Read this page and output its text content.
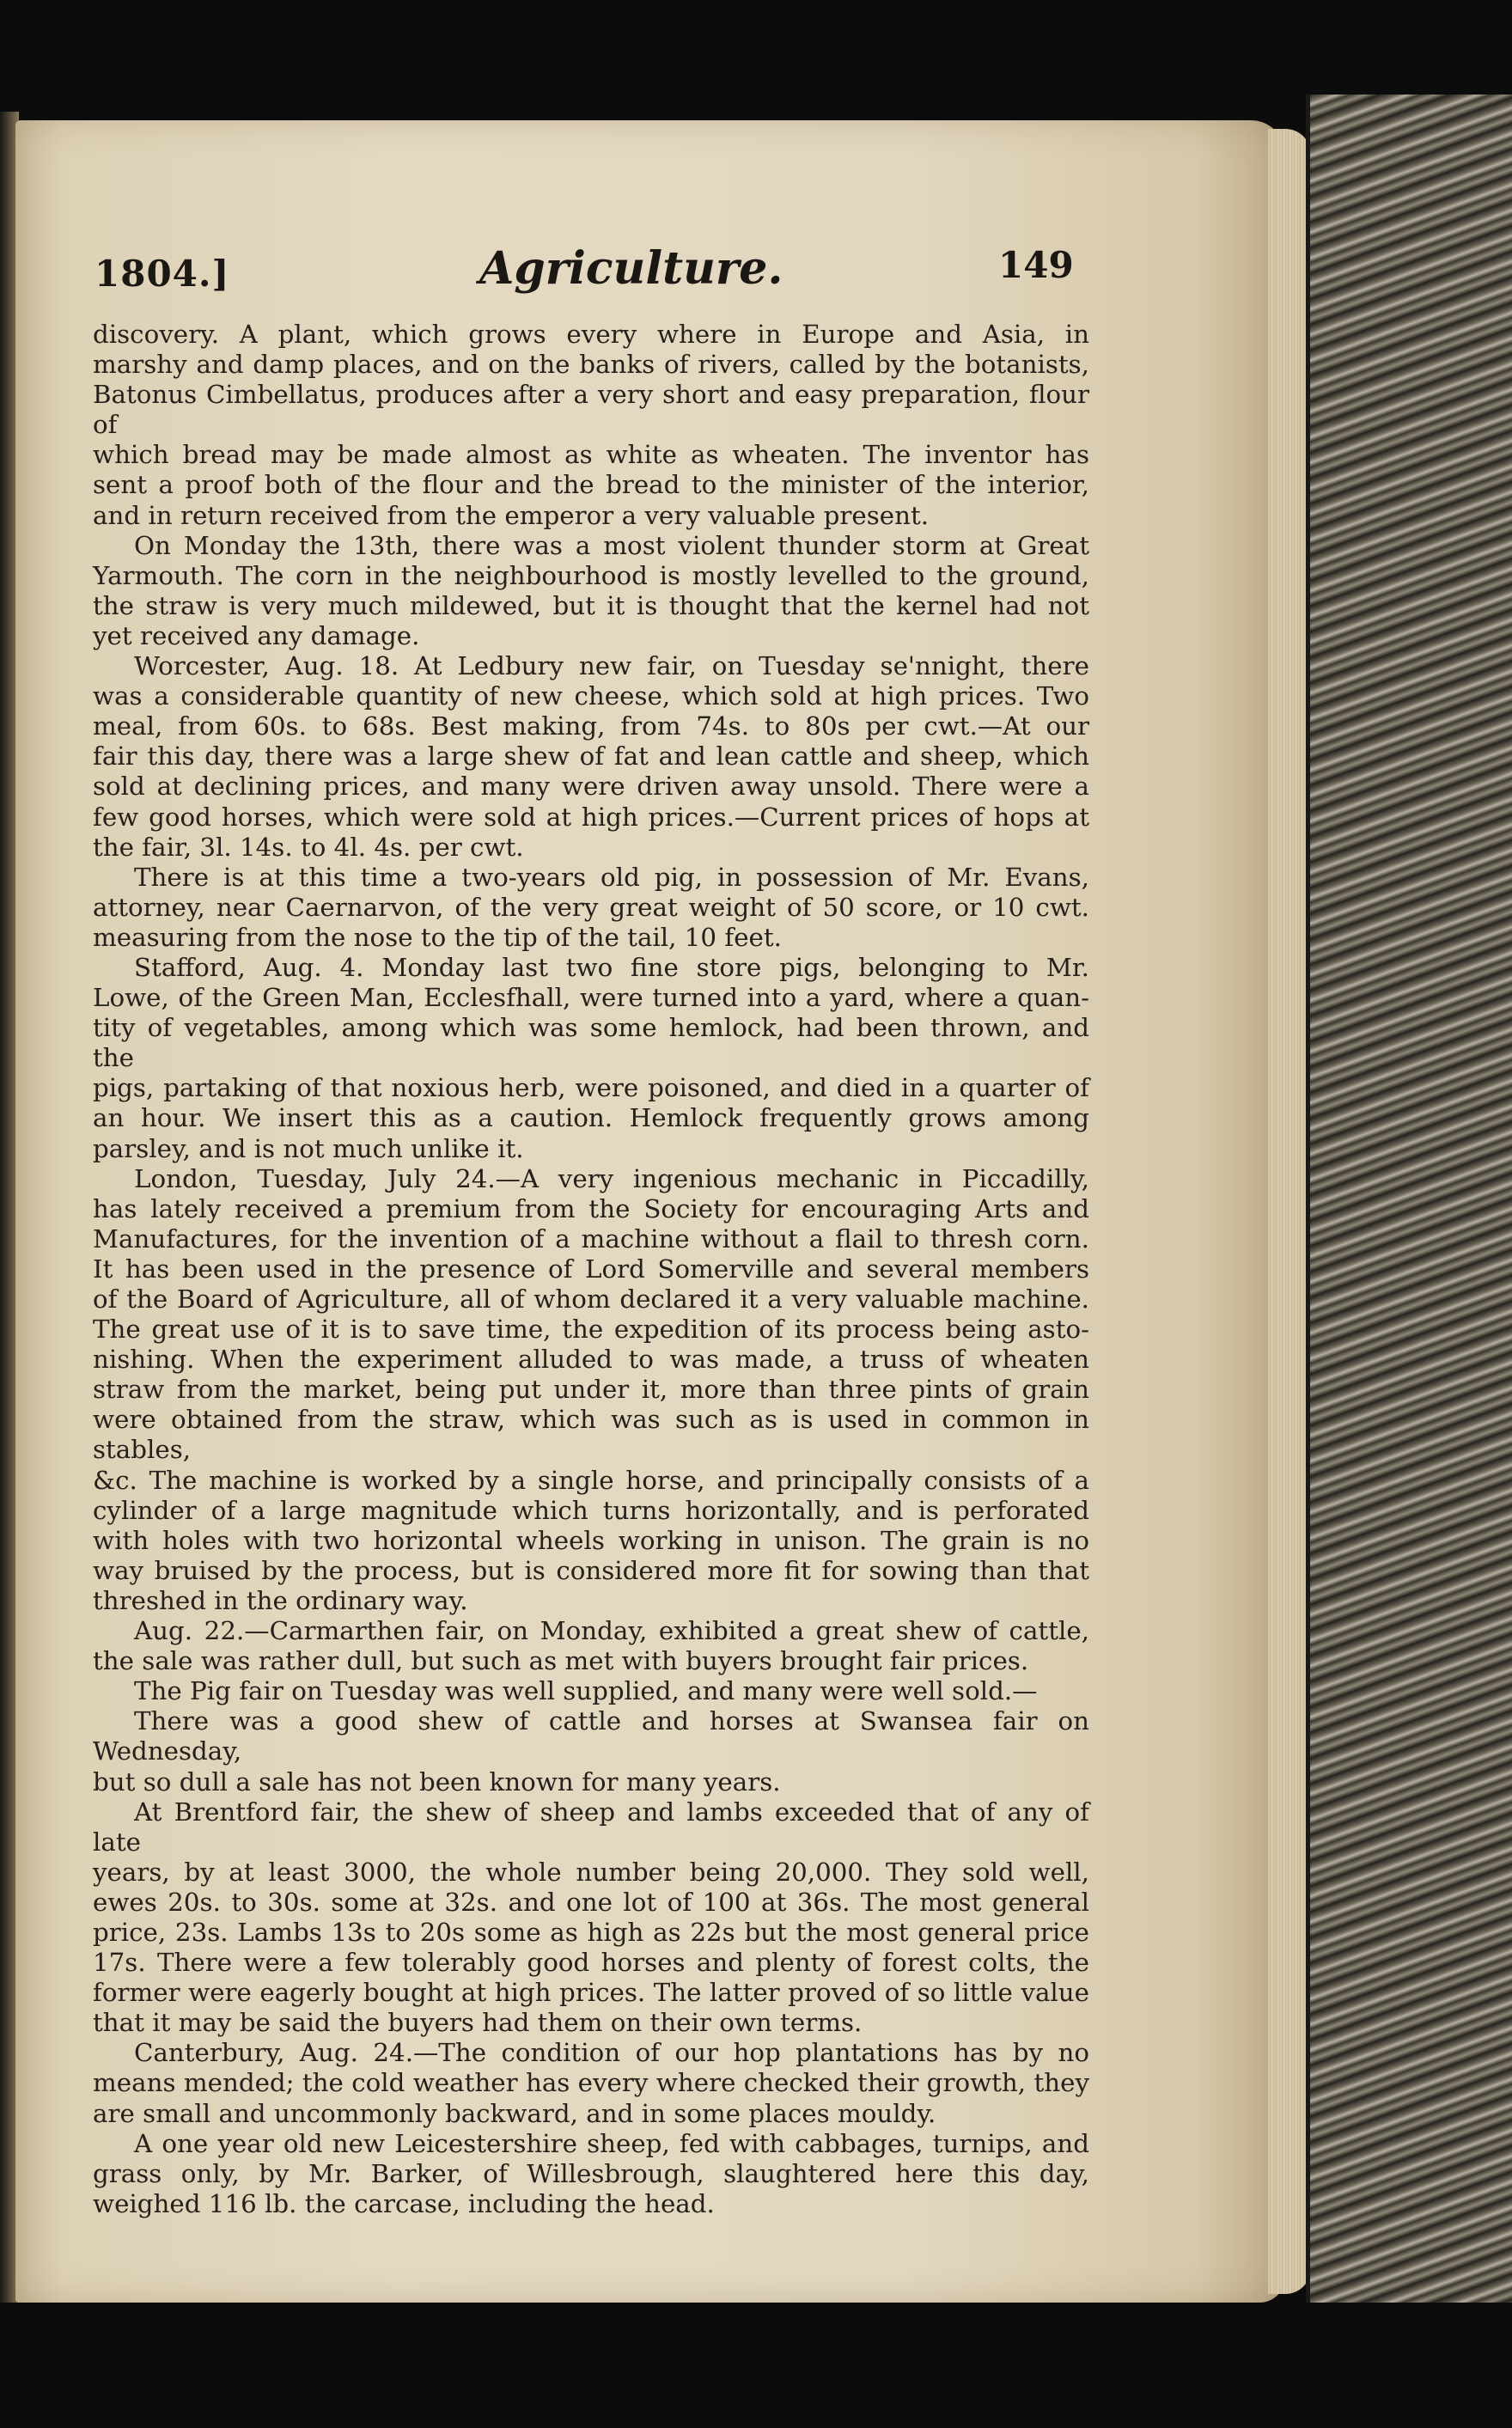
1804.]	Agriculture.	149

discovery. A plant, which grows every where in Europe and Asia, in

marshy and damp places, and on the banks of rivers, called by the botanists,

Batonus Cimbellatus, produces after a very short and easy preparation, flour of

which bread may be made almost as white as wheaten. The inventor has

sent a proof both of the flour and the bread to the minister of the interior,

and in return received from the emperor a very valuable present.

On Monday the 13th, there was a most violent thunder storm at Great

Yarmouth. The corn in the neighbourhood is mostly levelled to the ground,

the straw is very much mildewed, but it is thought that the kernel had not

yet received any damage.

Worcester, Aug. 18. At Ledbury new fair, on Tuesday se'nnight, there

was a considerable quantity of new cheese, which sold at high prices. Two

meal, from 60s. to 68s. Best making, from 74s. to 80s per cwt.—At our

fair this day, there was a large shew of fat and lean cattle and sheep, which

sold at declining prices, and many were driven away unsold. There were a

few good horses, which were sold at high prices.—Current prices of hops at

the fair, 3l. 14s. to 4l. 4s. per cwt.

There is at this time a two-years old pig, in possession of Mr. Evans,

attorney, near Caernarvon, of the very great weight of 50 score, or 10 cwt.

measuring from the nose to the tip of the tail, 10 feet.

Stafford, Aug. 4. Monday last two fine store pigs, belonging to Mr.

Lowe, of the Green Man, Ecclesfhall, were turned into a yard, where a quan-

tity of vegetables, among which was some hemlock, had been thrown, and the

pigs, partaking of that noxious herb, were poisoned, and died in a quarter of

an hour. We insert this as a caution. Hemlock frequently grows among

parsley, and is not much unlike it.

London, Tuesday, July 24.—A very ingenious mechanic in Piccadilly,

has lately received a premium from the Society for encouraging Arts and

Manufactures, for the invention of a machine without a flail to thresh corn.

It has been used in the presence of Lord Somerville and several members

of the Board of Agriculture, all of whom declared it a very valuable machine.

The great use of it is to save time, the expedition of its process being asto-

nishing. When the experiment alluded to was made, a truss of wheaten

straw from the market, being put under it, more than three pints of grain

were obtained from the straw, which was such as is used in common in stables,

&c. The machine is worked by a single horse, and principally consists of a

cylinder of a large magnitude which turns horizontally, and is perforated

with holes with two horizontal wheels working in unison. The grain is no

way bruised by the process, but is considered more fit for sowing than that

threshed in the ordinary way.

Aug. 22.—Carmarthen fair, on Monday, exhibited a great shew of cattle,

the sale was rather dull, but such as met with buyers brought fair prices.

The Pig fair on Tuesday was well supplied, and many were well sold.—

There was a good shew of cattle and horses at Swansea fair on Wednesday,

but so dull a sale has not been known for many years.

At Brentford fair, the shew of sheep and lambs exceeded that of any of late

years, by at least 3000, the whole number being 20,000. They sold well,

ewes 20s. to 30s. some at 32s. and one lot of 100 at 36s. The most general

price, 23s. Lambs 13s to 20s some as high as 22s but the most general price

17s. There were a few tolerably good horses and plenty of forest colts, the

former were eagerly bought at high prices. The latter proved of so little value

that it may be said the buyers had them on their own terms.

Canterbury, Aug. 24.—The condition of our hop plantations has by no

means mended; the cold weather has every where checked their growth, they

are small and uncommonly backward, and in some places mouldy.

A one year old new Leicestershire sheep, fed with cabbages, turnips, and

grass only, by Mr. Barker, of Willesbrough, slaughtered here this day,

weighed 116 lb. the carcase, including the head.
